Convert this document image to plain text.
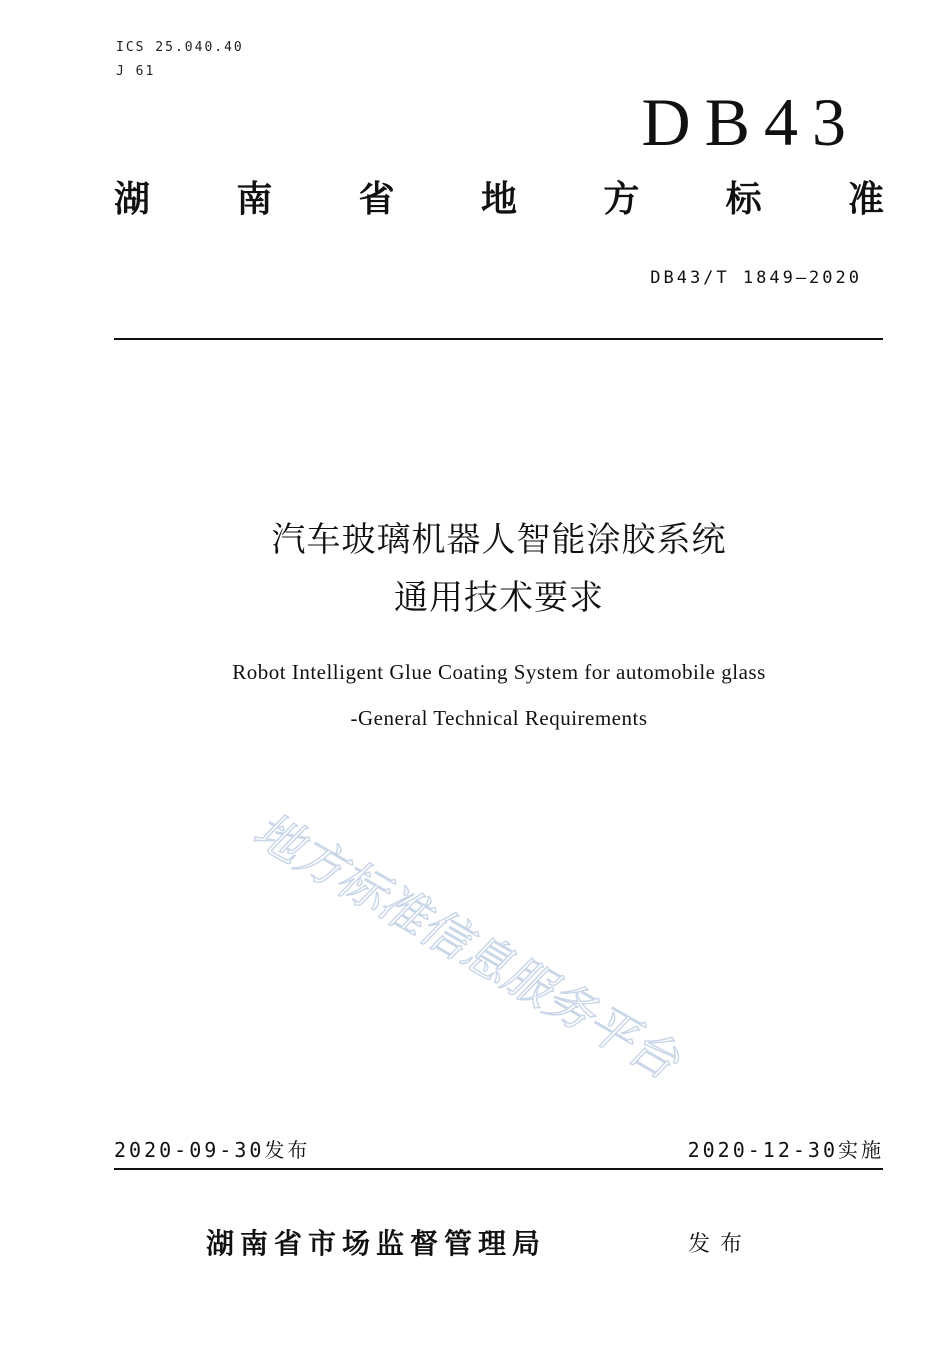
ICS 25.040.40
J 61
DB43
湖 南 省 地 方 标 准
DB43/T 1849—2020
汽车玻璃机器人智能涂胶系统
通用技术要求
Robot Intelligent Glue Coating System for automobile glass
-General Technical Requirements
地方标准信息服务平台
2020-09-30发布	2020-12-30实施
湖南省市场监督管理局	发布
